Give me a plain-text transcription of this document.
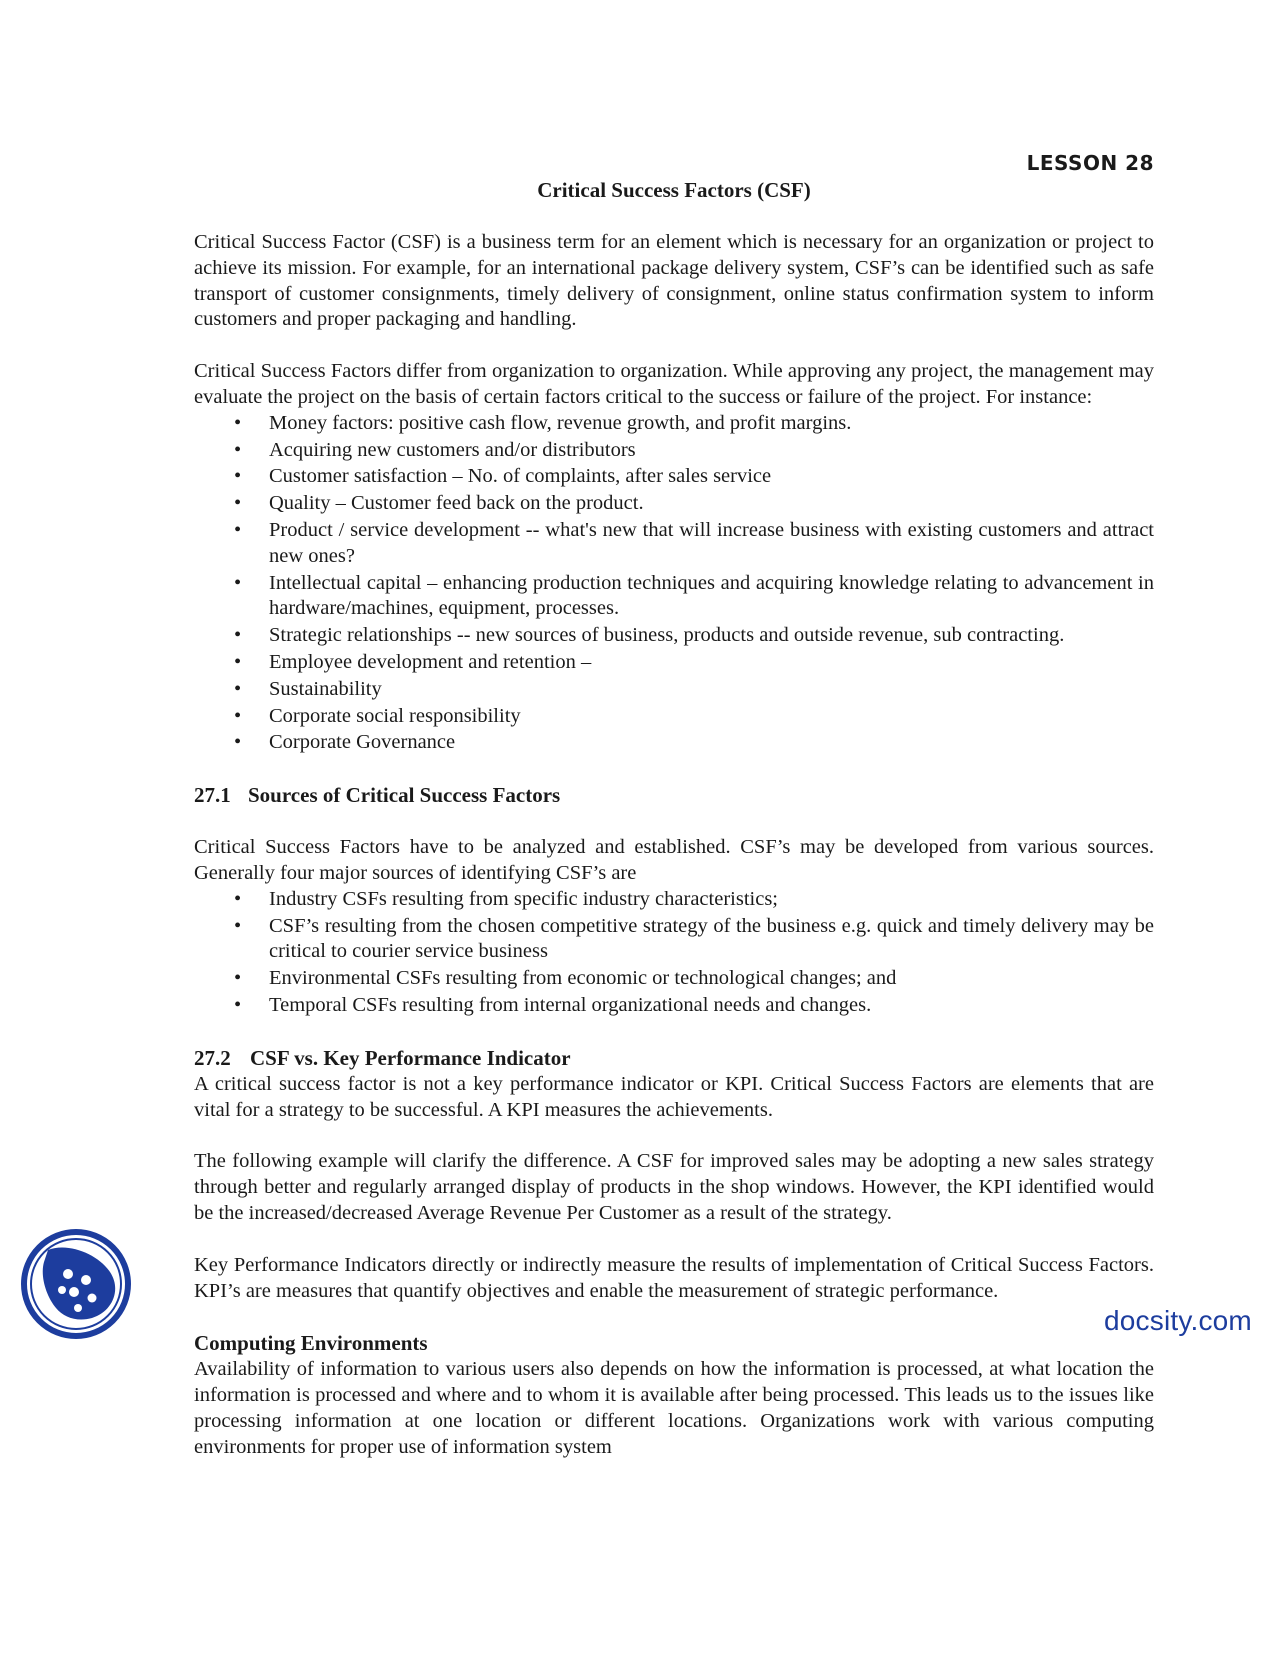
LESSON 28
Critical Success Factors (CSF)

Critical Success Factor (CSF) is a business term for an element which is necessary for an organization or project to achieve its mission. For example, for an international package delivery system, CSF’s can be identified such as safe transport of customer consignments, timely delivery of consignment, online status confirmation system to inform customers and proper packaging and handling.

Critical Success Factors differ from organization to organization. While approving any project, the management may evaluate the project on the basis of certain factors critical to the success or failure of the project. For instance:

• Money factors: positive cash flow, revenue growth, and profit margins.
• Acquiring new customers and/or distributors
• Customer satisfaction – No. of complaints, after sales service
• Quality – Customer feed back on the product.
• Product / service development -- what's new that will increase business with existing customers and attract new ones?
• Intellectual capital – enhancing production techniques and acquiring knowledge relating to advancement in hardware/machines, equipment, processes.
• Strategic relationships -- new sources of business, products and outside revenue, sub contracting.
• Employee development and retention –
• Sustainability
• Corporate social responsibility
• Corporate Governance
27.1 Sources of Critical Success Factors

Critical Success Factors have to be analyzed and established. CSF’s may be developed from various sources. Generally four major sources of identifying CSF’s are

• Industry CSFs resulting from specific industry characteristics;
• CSF’s resulting from the chosen competitive strategy of the business e.g. quick and timely delivery may be critical to courier service business
• Environmental CSFs resulting from economic or technological changes; and
• Temporal CSFs resulting from internal organizational needs and changes.
27.2 CSF vs. Key Performance Indicator

A critical success factor is not a key performance indicator or KPI. Critical Success Factors are elements that are vital for a strategy to be successful. A KPI measures the achievements.

The following example will clarify the difference. A CSF for improved sales may be adopting a new sales strategy through better and regularly arranged display of products in the shop windows. However, the KPI identified would be the increased/decreased Average Revenue Per Customer as a result of the strategy.

Key Performance Indicators directly or indirectly measure the results of implementation of Critical Success Factors. KPI’s are measures that quantify objectives and enable the measurement of strategic performance.

Computing Environments

Availability of information to various users also depends on how the information is processed, at what location the information is processed and where and to whom it is available after being processed. This leads us to the issues like processing information at one location or different locations. Organizations work with various computing environments for proper use of information system

docsity.com
